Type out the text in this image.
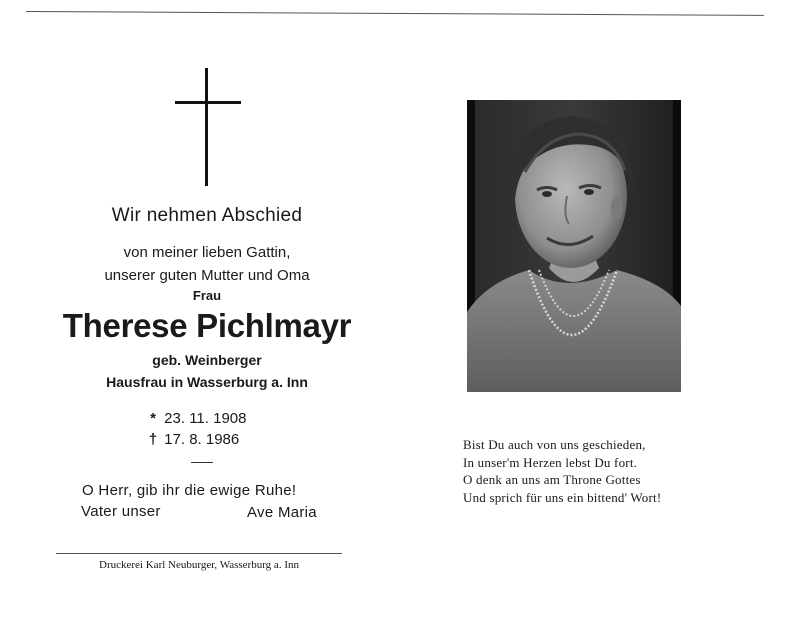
Wir nehmen Abschied
von meiner lieben Gattin,
unserer guten Mutter und Oma
Frau
Therese Pichlmayr
geb. Weinberger
Hausfrau in Wasserburg a. Inn
* 23. 11. 1908
† 17. 8. 1986
O Herr, gib ihr die ewige Ruhe!
Vater unser	Ave Maria
Druckerei Karl Neuburger, Wasserburg a. Inn
Bist Du auch von uns geschieden,
In unser'm Herzen lebst Du fort.
O denk an uns am Throne Gottes
Und sprich für uns ein bittend' Wort!
